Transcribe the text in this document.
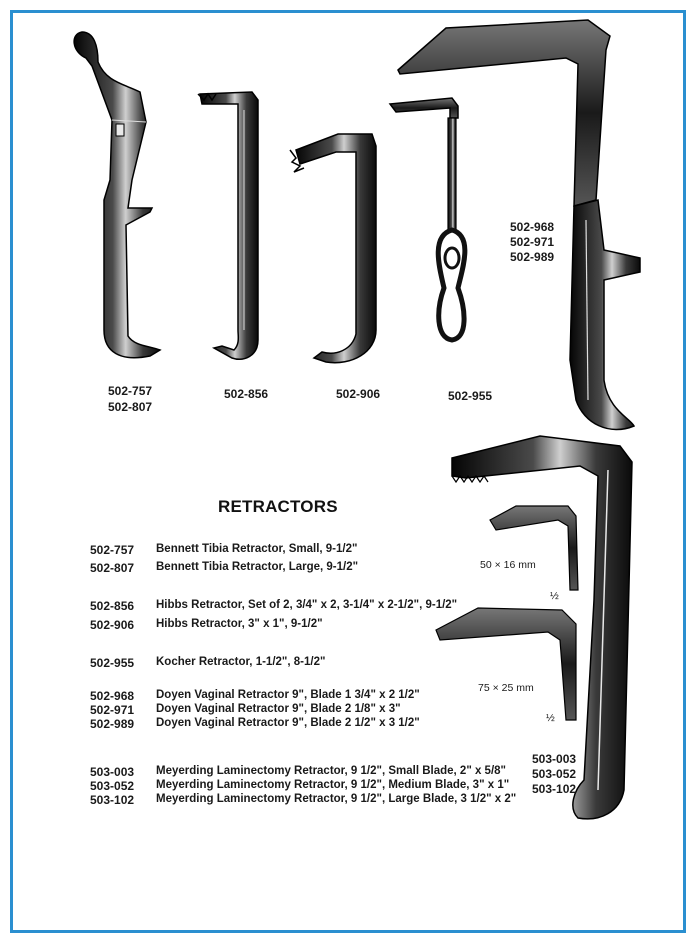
502-757
502-807
502-856	502-906	502-955
502-968
502-971
502-989
503-003
503-052
503-102
50 × 16 mm
75 × 25 mm
½
½
RETRACTORS
502-757 Bennett Tibia Retractor, Small, 9-1/2"
502-807 Bennett Tibia Retractor, Large, 9-1/2"
502-856 Hibbs Retractor, Set of 2, 3/4" x 2, 3-1/4" x 2-1/2", 9-1/2"
502-906 Hibbs Retractor, 3" x 1", 9-1/2"
502-955 Kocher Retractor, 1-1/2", 8-1/2"
502-968 Doyen Vaginal Retractor 9", Blade 1 3/4" x 2 1/2"
502-971 Doyen Vaginal Retractor 9", Blade 2 1/8" x 3"
502-989 Doyen Vaginal Retractor 9", Blade 2 1/2" x 3 1/2"
503-003 Meyerding Laminectomy Retractor, 9 1/2", Small Blade, 2" x 5/8"
503-052 Meyerding Laminectomy Retractor, 9 1/2", Medium Blade, 3" x 1"
503-102 Meyerding Laminectomy Retractor, 9 1/2", Large Blade, 3 1/2" x 2"
